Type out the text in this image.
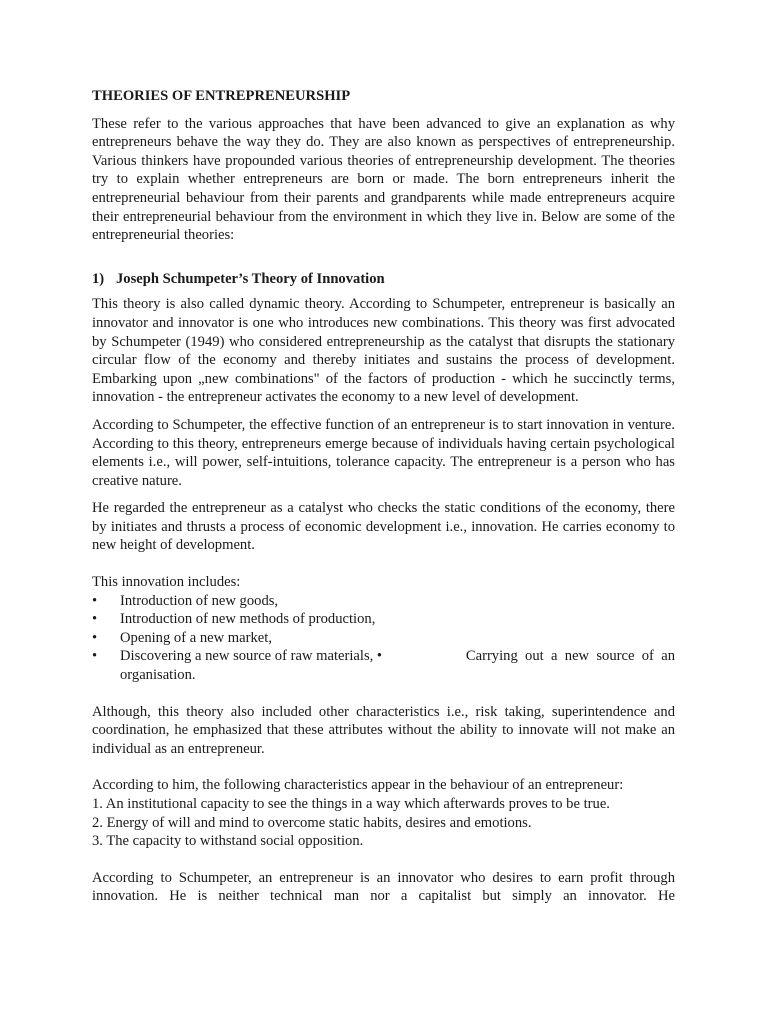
THEORIES OF ENTREPRENEURSHIP

These refer to the various approaches that have been advanced to give an explanation as why entrepreneurs behave the way they do. They are also known as perspectives of entrepreneurship. Various thinkers have propounded various theories of entrepreneurship development. The theories try to explain whether entrepreneurs are born or made. The born entrepreneurs inherit the entrepreneurial behaviour from their parents and grandparents while made entrepreneurs acquire their entrepreneurial behaviour from the environment in which they live in. Below are some of the entrepreneurial theories:

1) Joseph Schumpeter’s Theory of Innovation

This theory is also called dynamic theory. According to Schumpeter, entrepreneur is basically an innovator and innovator is one who introduces new combinations. This theory was first advocated by Schumpeter (1949) who considered entrepreneurship as the catalyst that disrupts the stationary circular flow of the economy and thereby initiates and sustains the process of development. Embarking upon „new combinations" of the factors of production - which he succinctly terms, innovation - the entrepreneur activates the economy to a new level of development.

According to Schumpeter, the effective function of an entrepreneur is to start innovation in venture. According to this theory, entrepreneurs emerge because of individuals having certain psychological elements i.e., will power, self-intuitions, tolerance capacity. The entrepreneur is a person who has creative nature.

He regarded the entrepreneur as a catalyst who checks the static conditions of the economy, there by initiates and thrusts a process of economic development i.e., innovation. He carries economy to new height of development.

This innovation includes:
• Introduction of new goods,
• Introduction of new methods of production,
• Opening of a new market,
• Discovering a new source of raw materials, •	Carrying  out  a  new  source  of  an
organisation.

Although, this theory also included other characteristics i.e., risk taking, superintendence and coordination, he emphasized that these attributes without the ability to innovate will not make an individual as an entrepreneur.

According to him, the following characteristics appear in the behaviour of an entrepreneur:
1. An institutional capacity to see the things in a way which afterwards proves to be true.
2. Energy of will and mind to overcome static habits, desires and emotions.
3. The capacity to withstand social opposition.

According to Schumpeter, an entrepreneur is an innovator who desires to earn profit through innovation. He is neither technical man nor a capitalist but simply an innovator. He
